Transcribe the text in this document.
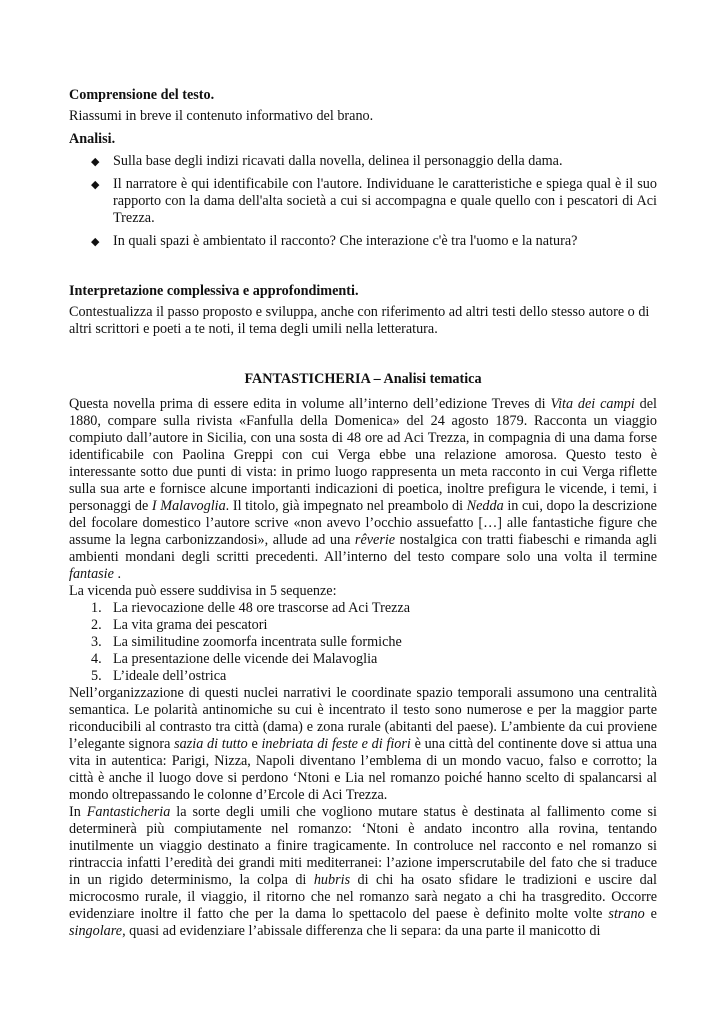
Comprensione del testo.

Riassumi in breve il contenuto informativo del brano.

Analisi.
◆ Sulla base degli indizi ricavati dalla novella, delinea il personaggio della dama.
◆ Il narratore è qui identificabile con l'autore. Individuane le caratteristiche e spiega qual è il suo rapporto con la dama dell'alta società a cui si accompagna e quale quello con i pescatori di Aci Trezza.
◆ In quali spazi è ambientato il racconto? Che interazione c'è tra l'uomo e la natura?
Interpretazione complessiva e approfondimenti.

Contestualizza il passo proposto e sviluppa, anche con riferimento ad altri testi dello stesso autore o di altri scrittori e poeti a te noti, il tema degli umili nella letteratura.

FANTASTICHERIA – Analisi tematica

Questa novella prima di essere edita in volume all’interno dell’edizione Treves di Vita dei campi del 1880, compare sulla rivista «Fanfulla della Domenica» del 24 agosto 1879. Racconta un viaggio compiuto dall’autore in Sicilia, con una sosta di 48 ore ad Aci Trezza, in compagnia di una dama forse identificabile con Paolina Greppi con cui Verga ebbe una relazione amorosa. Questo testo è interessante sotto due punti di vista: in primo luogo rappresenta un meta racconto in cui Verga riflette sulla sua arte e fornisce alcune importanti indicazioni di poetica, inoltre prefigura le vicende, i temi, i personaggi de I Malavoglia. Il titolo, già impegnato nel preambolo di Nedda in cui, dopo la descrizione del focolare domestico l’autore scrive «non avevo l’occhio assuefatto […] alle fantastiche figure che assume la legna carbonizzandosi», allude ad una rêverie nostalgica con tratti fiabeschi e rimanda agli ambienti mondani degli scritti precedenti. All’interno del testo compare solo una volta il termine fantasie .

La vicenda può essere suddivisa in 5 sequenze:

1. La rievocazione delle 48 ore trascorse ad Aci Trezza
2. La vita grama dei pescatori
3. La similitudine zoomorfa incentrata sulle formiche
4. La presentazione delle vicende dei Malavoglia
5. L’ideale dell’ostrica

Nell’organizzazione di questi nuclei narrativi le coordinate spazio temporali assumono una centralità semantica. Le polarità antinomiche su cui è incentrato il testo sono numerose e per la maggior parte riconducibili al contrasto tra città (dama) e zona rurale (abitanti del paese). L’ambiente da cui proviene l’elegante signora sazia di tutto e inebriata di feste e di fiori è una città del continente dove si attua una vita in autentica: Parigi, Nizza, Napoli diventano l’emblema di un mondo vacuo, falso e corrotto; la città è anche il luogo dove si perdono ‘Ntoni e Lia nel romanzo poiché hanno scelto di spalancarsi al mondo oltrepassando le colonne d’Ercole di Aci Trezza.

In Fantasticheria la sorte degli umili che vogliono mutare status è destinata al fallimento come si determinerà più compiutamente nel romanzo: ‘Ntoni è andato incontro alla rovina, tentando inutilmente un viaggio destinato a finire tragicamente. In controluce nel racconto e nel romanzo si rintraccia infatti l’eredità dei grandi miti mediterranei: l’azione imperscrutabile del fato che si traduce in un rigido determinismo, la colpa di hubris di chi ha osato sfidare le tradizioni e uscire dal microcosmo rurale, il viaggio, il ritorno che nel romanzo sarà negato a chi ha trasgredito. Occorre evidenziare inoltre il fatto che per la dama lo spettacolo del paese è definito molte volte strano e singolare, quasi ad evidenziare l’abissale differenza che li separa: da una parte il manicotto di
